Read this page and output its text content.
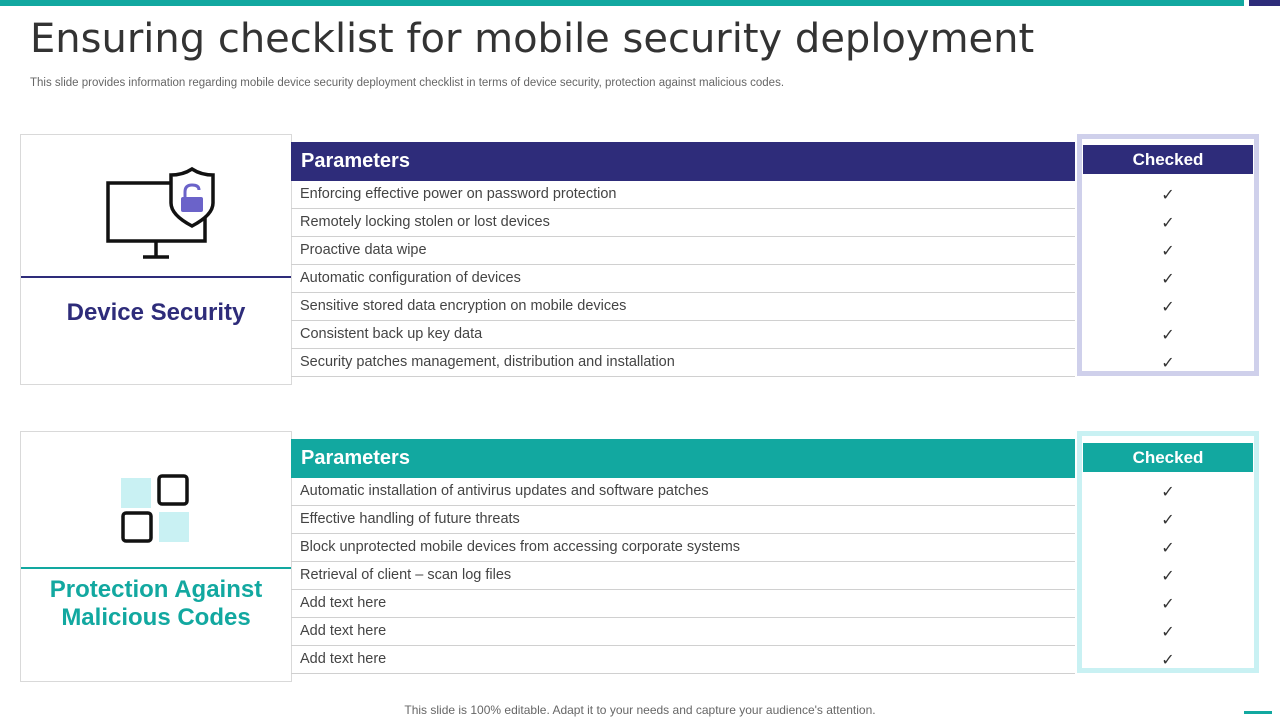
Ensuring checklist for mobile security deployment

This slide provides information regarding mobile device security deployment checklist in terms of device security, protection against malicious codes.

Device Security
Parameters
Enforcing effective power on password protection
Remotely locking stolen or lost devices
Proactive data wipe
Automatic configuration of devices
Sensitive stored data encryption on mobile devices
Consistent back up key data
Security patches management, distribution and installation
Checked
✓
✓
✓
✓
✓
✓
✓
Protection Against Malicious Codes
Parameters
Automatic installation of antivirus updates and software patches
Effective handling of future threats
Block unprotected mobile devices from accessing corporate systems
Retrieval of client – scan log files
Add text here
Add text here
Add text here
Checked
✓
✓
✓
✓
✓
✓
✓
This slide is 100% editable. Adapt it to your needs and capture your audience's attention.
